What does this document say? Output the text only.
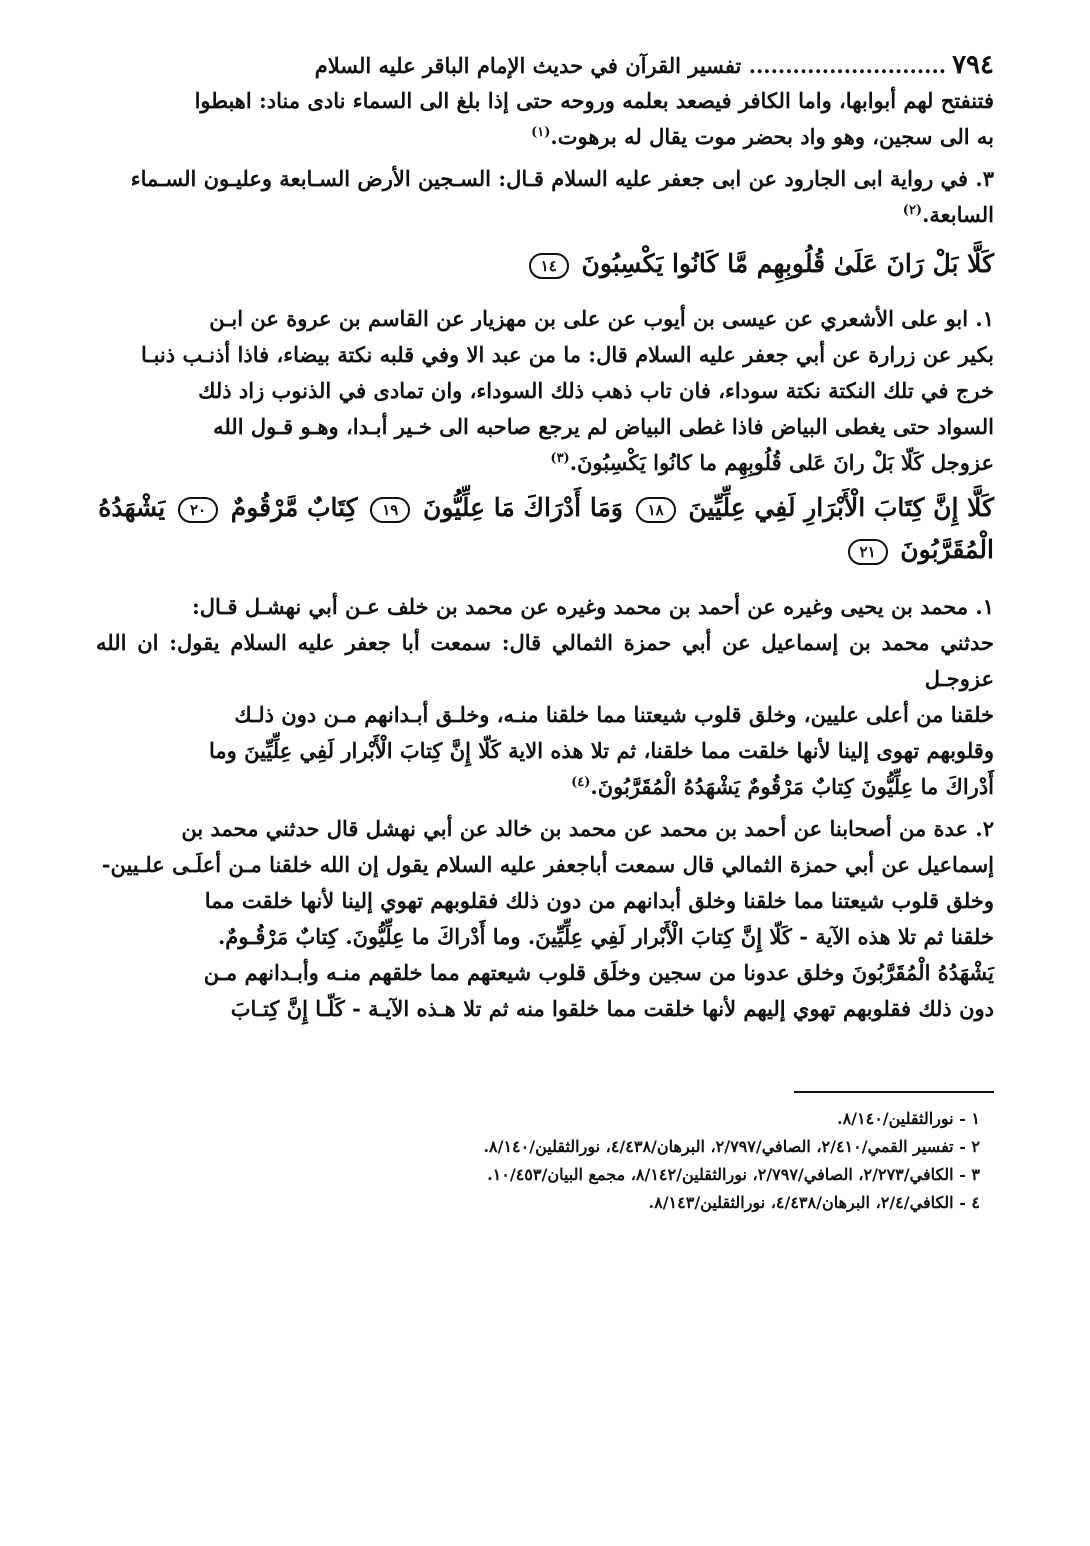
٧٩٤
........................... تفسير القرآن في حديث الإمام الباقر عليه السلام

فتنفتح لهم أبوابها، واما الكافر فيصعد بعلمه وروحه حتى إذا بلغ الى السماء نادى مناد: اهبطوا

به الى سجين، وهو واد بحضر موت يقال له برهوت.$^{(١)}$

٣. في رواية ابى الجارود عن ابى جعفر عليه السلام قـال: السـجين الأرض السـابعة وعليـون السـماء

السابعة.$^{(٢)}$

كَلَّا بَلْ رَانَ عَلَىٰ قُلُوبِهِم مَّا كَانُوا يَكْسِبُونَ ١٤

١. ابو على الأشعري عن عيسى بن أيوب عن على بن مهزيار عن القاسم بن عروة عن ابـن

بكير عن زرارة عن أبي جعفر عليه السلام قال: ما من عبد الا وفي قلبه نكتة بيضاء، فاذا أذنـب ذنبـا

خرج في تلك النكتة نكتة سوداء، فان تاب ذهب ذلك السوداء، وان تمادى في الذنوب زاد ذلك

السواد حتى يغطى البياض فاذا غطى البياض لم يرجع صاحبه الى خـير أبـدا، وهـو قـول الله

عزوجل كَلّا بَلْ رانَ عَلى قُلُوبِهِم ما كانُوا يَكْسِبُونَ.$^{(٣)}$

كَلَّا إِنَّ كِتَابَ الْأَبْرَارِ لَفِي عِلِّيِّينَ ١٨ وَمَا أَدْرَاكَ مَا عِلِّيُّونَ ١٩ كِتَابٌ مَّرْقُومٌ ٢٠ يَشْهَدُهُ الْمُقَرَّبُونَ ٢١

١. محمد بن يحيى وغيره عن أحمد بن محمد وغيره عن محمد بن خلف عـن أبي نهشـل قـال:

حدثني محمد بن إسماعيل عن أبي حمزة الثمالي قال: سمعت أبا جعفر عليه السلام يقول: ان الله عزوجـل

خلقنا من أعلى عليين، وخلق قلوب شيعتنا مما خلقنا منـه، وخلـق أبـدانهم مـن دون ذلـك

وقلوبهم تهوى إلينا لأنها خلقت مما خلقنا، ثم تلا هذه الاية كَلّا إِنَّ كِتابَ الْأَبْرار لَفِي عِلِّيِّينَ وما

أَدْراكَ ما عِلِّيُّونَ كِتابٌ مَرْقُومٌ يَشْهَدُهُ الْمُقَرَّبُونَ.$^{(٤)}$

٢. عدة من أصحابنا عن أحمد بن محمد عن محمد بن خالد عن أبي نهشل قال حدثني محمد بن

إسماعيل عن أبي حمزة الثمالي قال سمعت أباجعفر عليه السلام يقول إن الله خلقنا مـن أعلَـى علـيين-

وخلق قلوب شيعتنا مما خلقنا وخلق أبدانهم من دون ذلك فقلوبهم تهوي إلينا لأنها خلقت مما

خلقنا ثم تلا هذه الآية - كَلّا إِنَّ كِتابَ الْأَبْرار لَفِي عِلِّيِّينَ. وما أَدْراكَ ما عِلِّيُّونَ. كِتابٌ مَرْقُـومٌ.

يَشْهَدُهُ الْمُقَرَّبُونَ وخلق عدونا من سجين وخلَق قلوب شيعتهم مما خلقهم منـه وأبـدانهم مـن

دون ذلك فقلوبهم تهوي إليهم لأنها خلقت مما خلقوا منه ثم تلا هـذه الآيـة - كَلّـا إِنَّ كِتـابَ

١ - نورالثقلين/٨/١٤٠.
٢ - تفسير القمي/٢/٤١٠، الصافي/٢/٧٩٧، البرهان/٤/٤٣٨، نورالثقلين/٨/١٤٠.
٣ - الكافي/٢/٢٧٣، الصافي/٢/٧٩٧، نورالثقلين/٨/١٤٢، مجمع البيان/١٠/٤٥٣.
٤ - الكافي/٢/٤، البرهان/٤/٤٣٨، نورالثقلين/٨/١٤٣.
